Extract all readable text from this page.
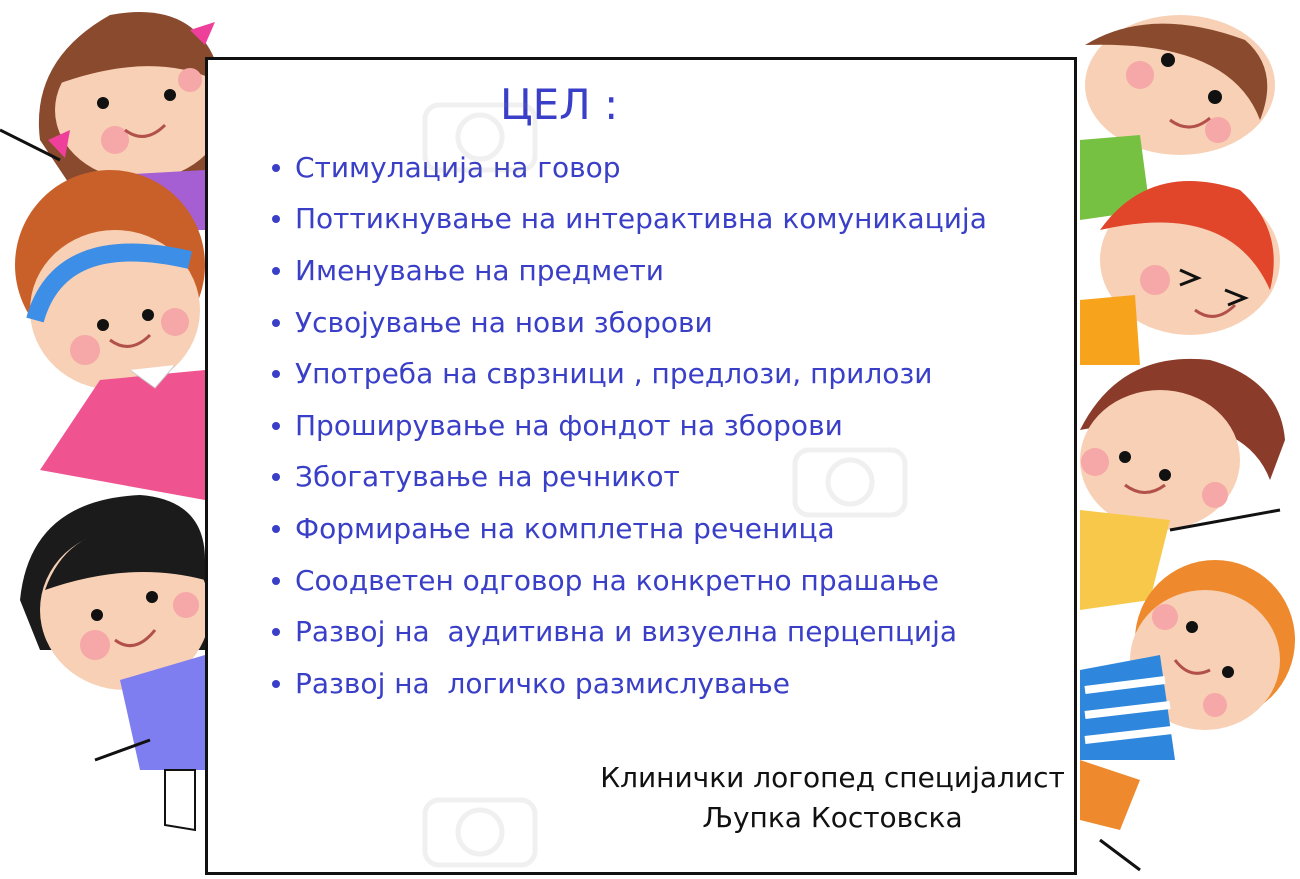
ЦЕЛ :
Стимулација на говор
Поттикнување на интерактивна комуникација
Именување на предмети
Усвојување на нови зборови
Употреба на сврзници , предлози, прилози
Проширување на фондот на зборови
Збогатување на речникот
Формирање на комплетна реченица
Соодветен одговор на конкретно прашање
Развој на  аудитивна и визуелна перцепција
Развој на  логичко размислување
Клинички логопед специјалист
Љупка Костовска
